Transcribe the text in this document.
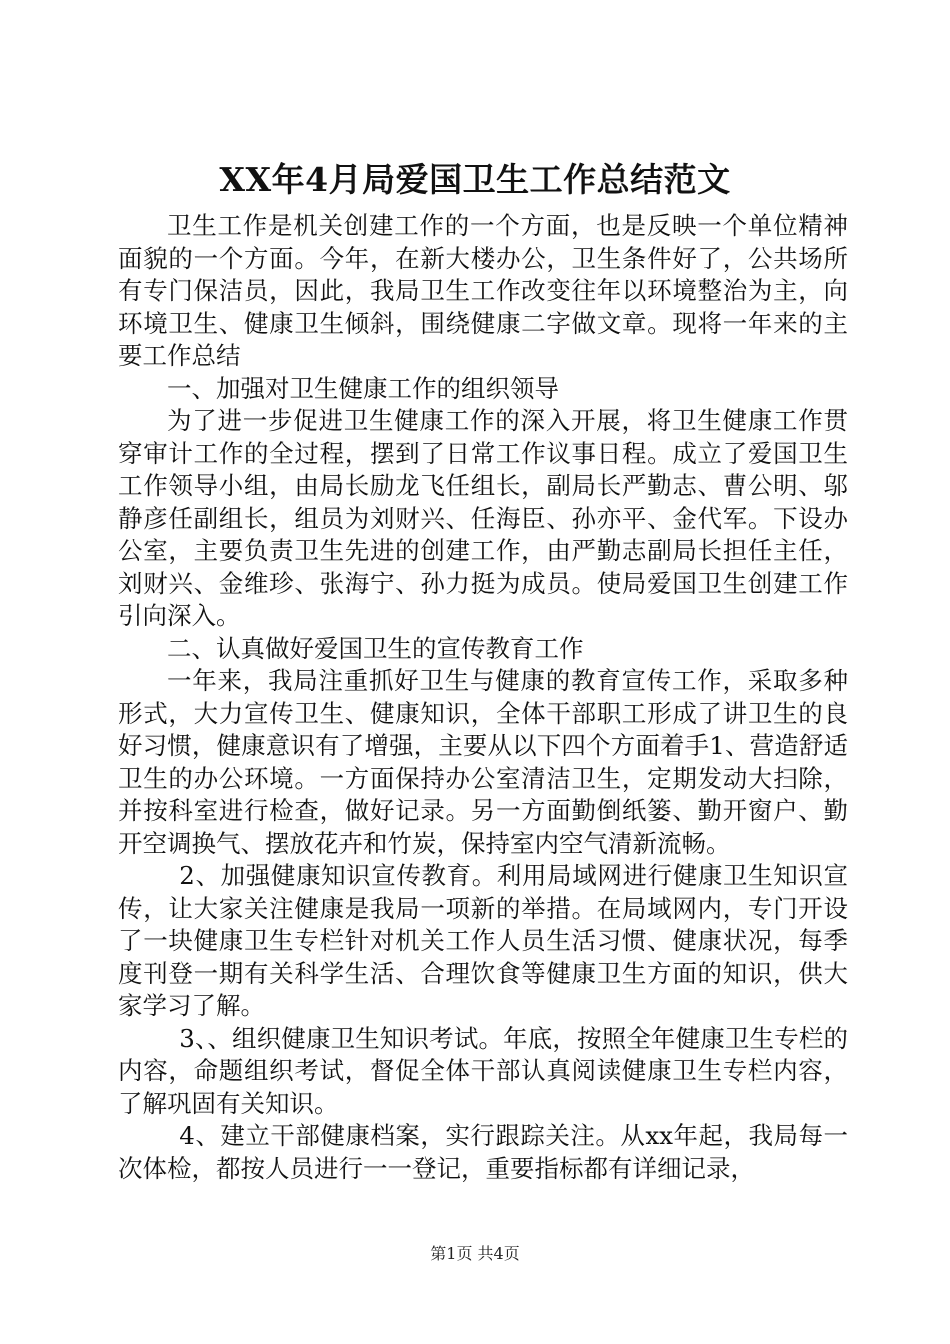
XX年4月局爱国卫生工作总结范文

卫生工作是机关创建工作的一个方面，也是反映一个单位精神面貌的一个方面。今年，在新大楼办公，卫生条件好了，公共场所有专门保洁员，因此，我局卫生工作改变往年以环境整治为主，向环境卫生、健康卫生倾斜，围绕健康二字做文章。现将一年来的主要工作总结

一、加强对卫生健康工作的组织领导

为了进一步促进卫生健康工作的深入开展，将卫生健康工作贯穿审计工作的全过程，摆到了日常工作议事日程。成立了爱国卫生工作领导小组，由局长励龙飞任组长，副局长严勤志、曹公明、邬静彦任副组长，组员为刘财兴、任海臣、孙亦平、金代军。下设办公室，主要负责卫生先进的创建工作，由严勤志副局长担任主任，刘财兴、金维珍、张海宁、孙力挺为成员。使局爱国卫生创建工作引向深入。

二、认真做好爱国卫生的宣传教育工作

一年来，我局注重抓好卫生与健康的教育宣传工作，采取多种形式，大力宣传卫生、健康知识，全体干部职工形成了讲卫生的良好习惯，健康意识有了增强，主要从以下四个方面着手1、营造舒适卫生的办公环境。一方面保持办公室清洁卫生，定期发动大扫除，并按科室进行检查，做好记录。另一方面勤倒纸篓、勤开窗户、勤开空调换气、摆放花卉和竹炭，保持室内空气清新流畅。

2、加强健康知识宣传教育。利用局域网进行健康卫生知识宣传，让大家关注健康是我局一项新的举措。在局域网内，专门开设了一块健康卫生专栏针对机关工作人员生活习惯、健康状况，每季度刊登一期有关科学生活、合理饮食等健康卫生方面的知识，供大家学习了解。

3、、组织健康卫生知识考试。年底，按照全年健康卫生专栏的内容，命题组织考试，督促全体干部认真阅读健康卫生专栏内容，了解巩固有关知识。

4、建立干部健康档案，实行跟踪关注。从xx年起，我局每一次体检，都按人员进行一一登记，重要指标都有详细记录，

第1页 共4页
